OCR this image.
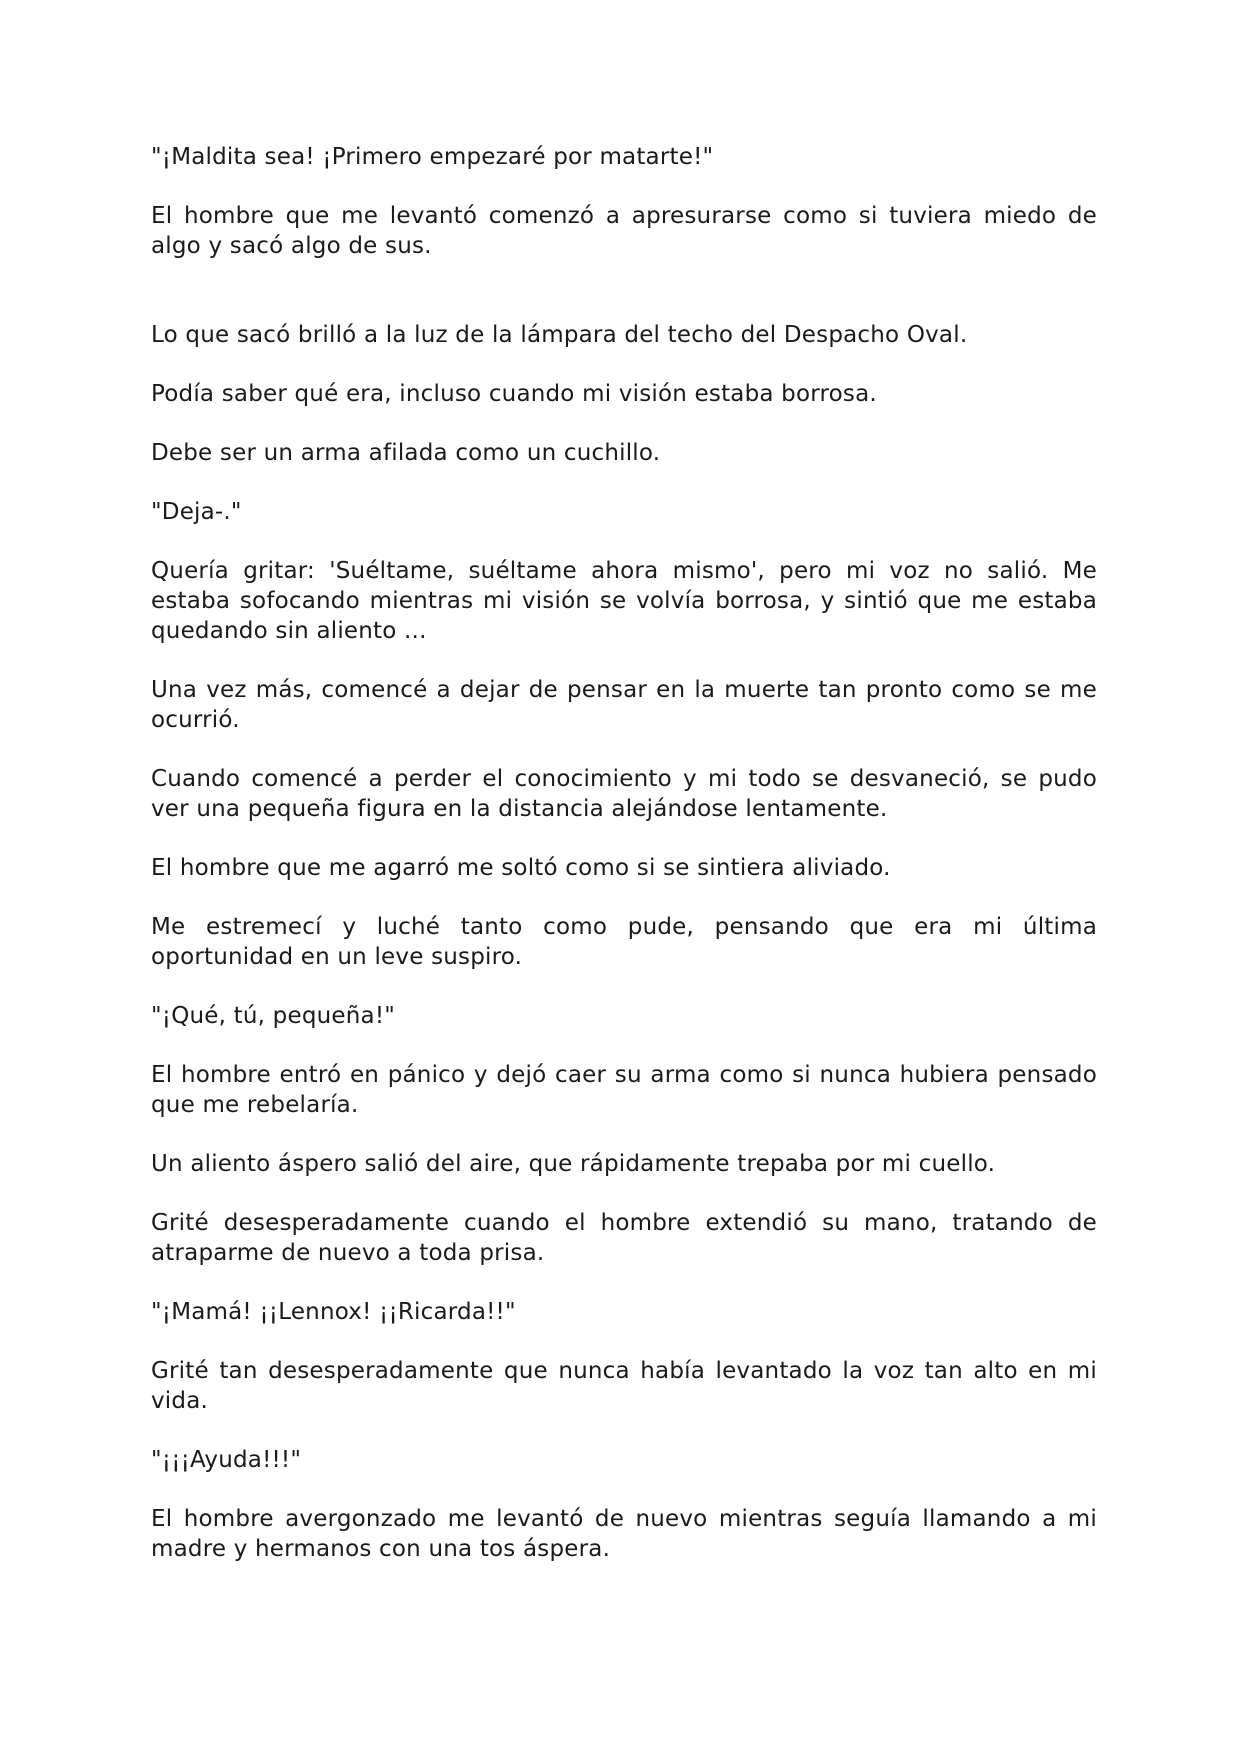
"¡Maldita sea! ¡Primero empezaré por matarte!"

El hombre que me levantó comenzó a apresurarse como si tuviera miedo de algo y sacó algo de sus.

Lo que sacó brilló a la luz de la lámpara del techo del Despacho Oval.

Podía saber qué era, incluso cuando mi visión estaba borrosa.

Debe ser un arma afilada como un cuchillo.

"Deja-."

Quería gritar: 'Suéltame, suéltame ahora mismo', pero mi voz no salió. Me estaba sofocando mientras mi visión se volvía borrosa, y sintió que me estaba quedando sin aliento ...

Una vez más, comencé a dejar de pensar en la muerte tan pronto como se me ocurrió.

Cuando comencé a perder el conocimiento y mi todo se desvaneció, se pudo ver una pequeña figura en la distancia alejándose lentamente.

El hombre que me agarró me soltó como si se sintiera aliviado.

Me estremecí y luché tanto como pude, pensando que era mi última oportunidad en un leve suspiro.

"¡Qué, tú, pequeña!"

El hombre entró en pánico y dejó caer su arma como si nunca hubiera pensado que me rebelaría.

Un aliento áspero salió del aire, que rápidamente trepaba por mi cuello.

Grité desesperadamente cuando el hombre extendió su mano, tratando de atraparme de nuevo a toda prisa.

"¡Mamá! ¡¡Lennox! ¡¡Ricarda!!"

Grité tan desesperadamente que nunca había levantado la voz tan alto en mi vida.

"¡¡¡Ayuda!!!"

El hombre avergonzado me levantó de nuevo mientras seguía llamando a mi madre y hermanos con una tos áspera.
